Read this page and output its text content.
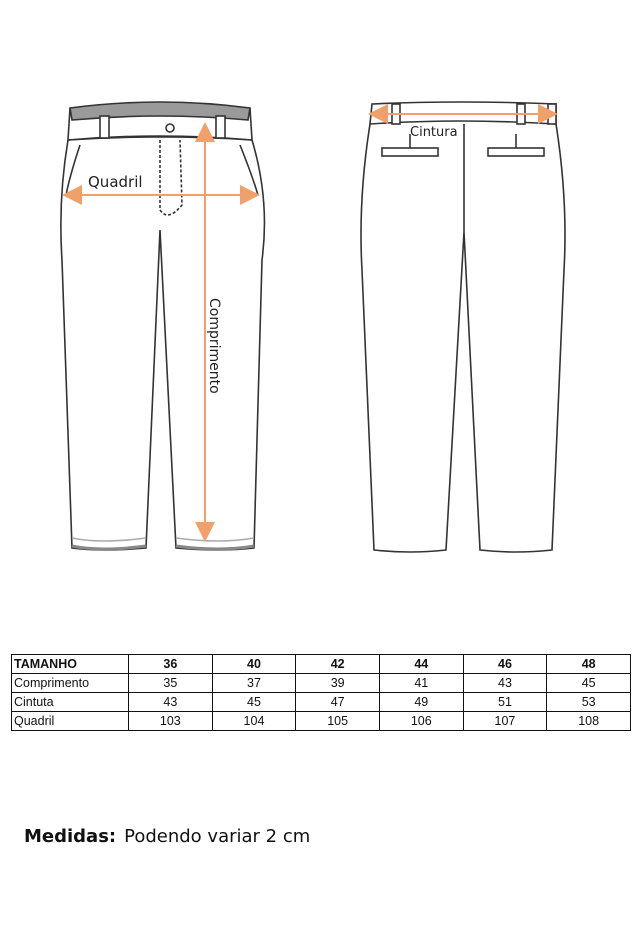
Quadril
Comprimento
Cintura
TAMANHO	36	40	42	44	46	48
Comprimento	35	37	39	41	43	45
Cintuta	43	45	47	49	51	53
Quadril	103	104	105	106	107	108
Medidas: Podendo variar 2 cm
